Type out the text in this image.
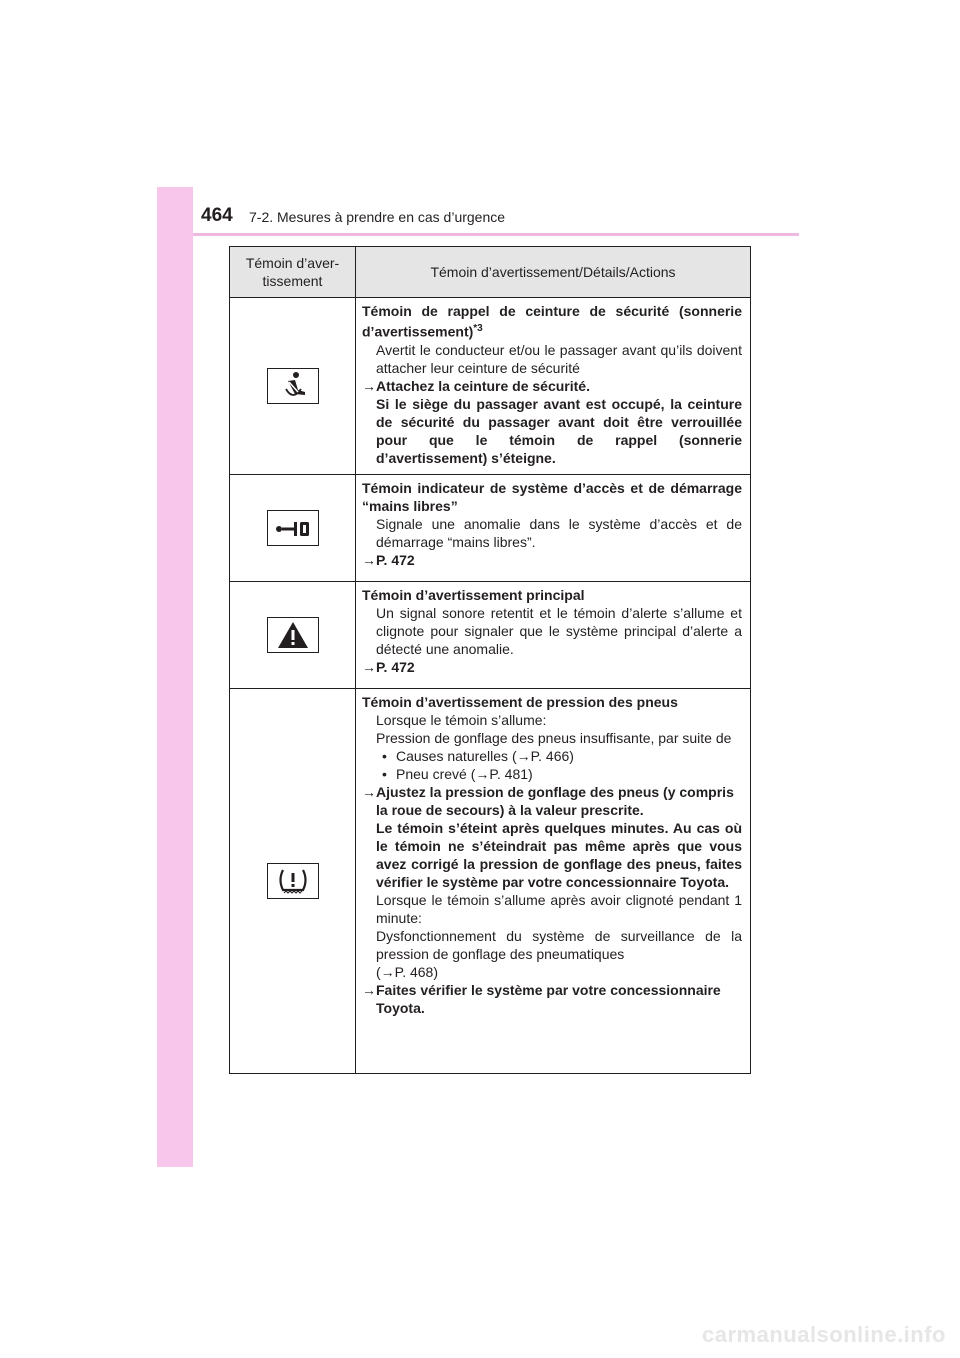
464 7-2. Mesures à prendre en cas d’urgence
Témoin d’aver-tissement
Témoin d’avertissement/Détails/Actions
Témoin de rappel de ceinture de sécurité (sonnerie d’avertissement)$^{*3}$
Avertit le conducteur et/ou le passager avant qu’ils doivent attacher leur ceinture de sécurité
→ Attachez la ceinture de sécurité.
Si le siège du passager avant est occupé, la ceinture de sécurité du passager avant doit être verrouillée pour que le témoin de rappel (sonnerie d’avertissement) s’éteigne.
Témoin indicateur de système d’accès et de démarrage “mains libres”
Signale une anomalie dans le système d’accès et de démarrage “mains libres”.
→ P. 472
Témoin d’avertissement principal
Un signal sonore retentit et le témoin d’alerte s’allume et clignote pour signaler que le système principal d’alerte a détecté une anomalie.
→ P. 472
Témoin d’avertissement de pression des pneus
Lorsque le témoin s’allume:
Pression de gonflage des pneus insuffisante, par suite de
• Causes naturelles (→P. 466)
• Pneu crevé (→P. 481)
→ Ajustez la pression de gonflage des pneus (y compris la roue de secours) à la valeur prescrite.
Le témoin s’éteint après quelques minutes. Au cas où le témoin ne s’éteindrait pas même après que vous avez corrigé la pression de gonflage des pneus, faites vérifier le système par votre concessionnaire Toyota.
Lorsque le témoin s’allume après avoir clignoté pendant 1 minute:
Dysfonctionnement du système de surveillance de la pression de gonflage des pneumatiques
(→P. 468)
→ Faites vérifier le système par votre concessionnaire Toyota.
carmanualsonline.info
